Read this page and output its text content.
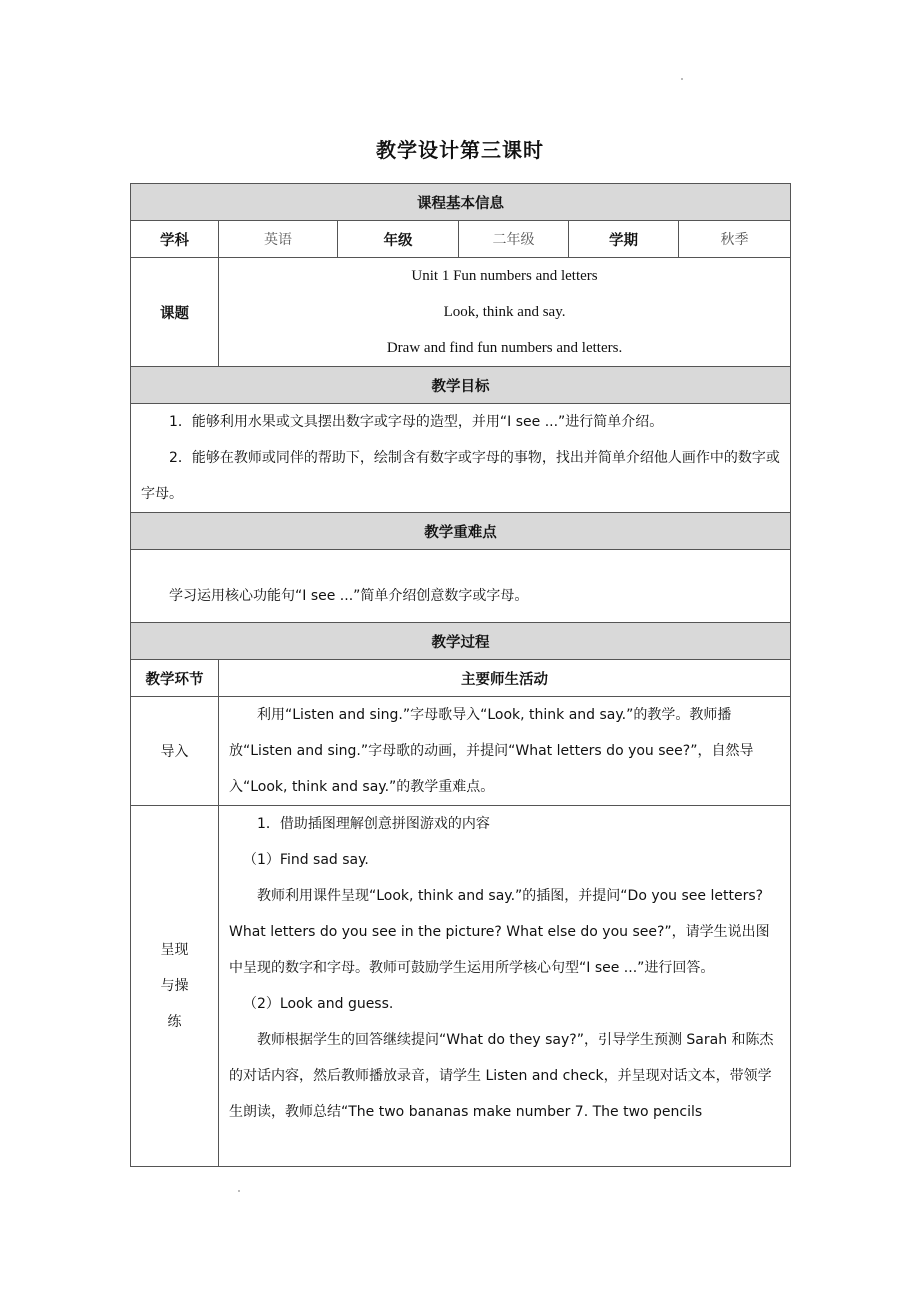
教学设计第三课时
课程基本信息					
学科	英语	年级	二年级	学期	秋季
课题	Unit 1 Fun numbers and letters

Look, think and say.

Draw and find fun numbers and letters.				

教学目标					

1．能够利用水果或文具摆出数字或字母的造型，并用“I see ...”进行简单介绍。

2．能够在教师或同伴的帮助下，绘制含有数字或字母的事物，找出并简单介绍他人画作中的数字或字母。					

教学重难点					

学习运用核心功能句“I see ...”简单介绍创意数字或字母。					

教学过程					
教学环节	主要师生活动				
导入	利用“Listen and sing.”字母歌导入“Look, think and say.”的教学。教师播放“Listen and sing.”字母歌的动画，并提问“What letters do you see?”，自然导入“Look, think and say.”的教学重难点。				

呈现与操练	1．借助插图理解创意拼图游戏的内容

（1）Find sad say.

教师利用课件呈现“Look, think and say.”的插图，并提问“Do you see letters? What letters do you see in the picture? What else do you see?”，请学生说出图中呈现的数字和字母。教师可鼓励学生运用所学核心句型“I see ...”进行回答。

（2）Look and guess.

教师根据学生的回答继续提问“What do they say?”，引导学生预测 Sarah 和陈杰的对话内容，然后教师播放录音，请学生 Listen and check，并呈现对话文本，带领学生朗读，教师总结“The two bananas make number 7. The two pencils				
